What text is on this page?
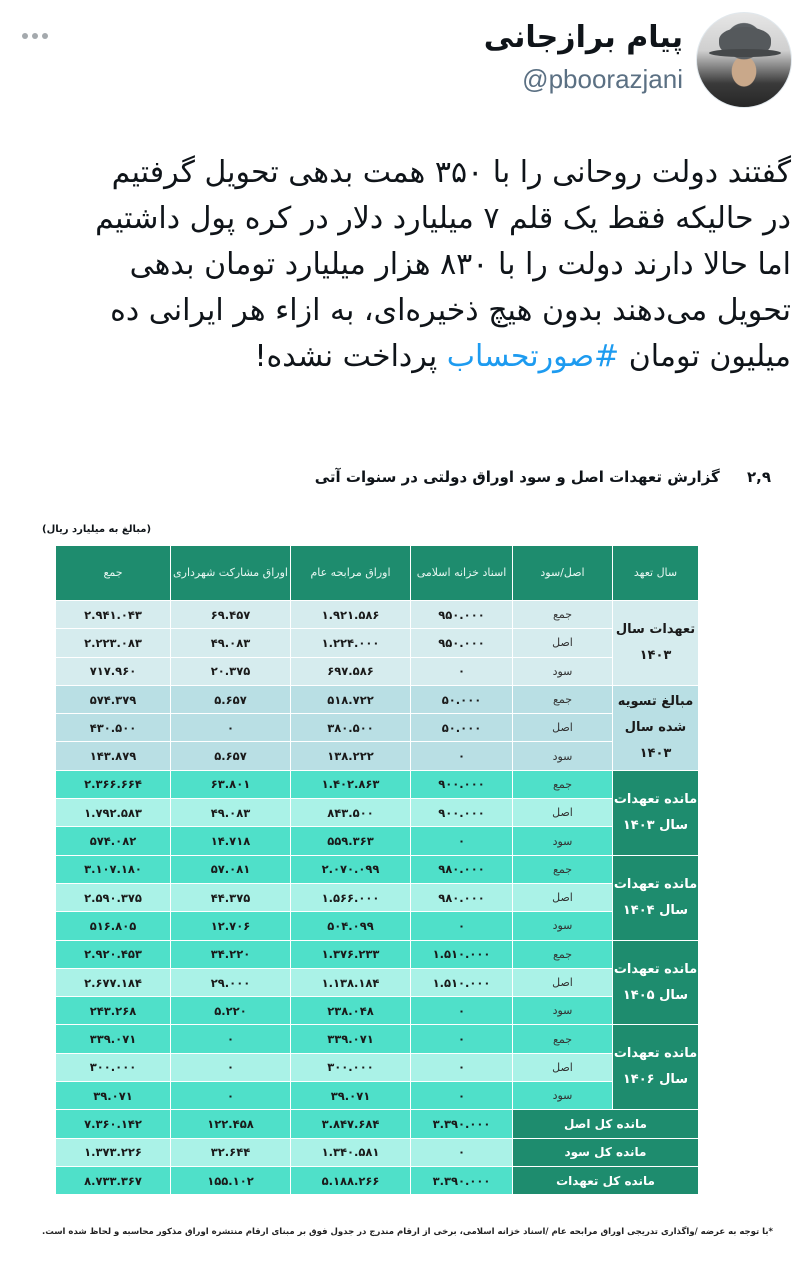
پیام برازجانی
@pboorazjani
گفتند دولت روحانی را با ۳۵۰ همت بدهی تحویل گرفتیم
در حالیکه فقط یک قلم ۷ میلیارد دلار در کره پول داشتیم
اما حالا دارند دولت را با ۸۳۰ هزار میلیارد تومان بدهی
تحویل می‌دهند بدون هیچ ذخیره‌ای، به ازاء هر ایرانی ده
میلیون تومان #صورتحساب پرداخت نشده!
۲,۹ گزارش تعهدات اصل و سود اوراق دولتی در سنوات آتی
(مبالغ به میلیارد ریال)
سال تعهد	اصل/سود	اسناد خزانه اسلامی	اوراق مرابحه عام	اوراق مشارکت شهرداری	جمع

تعهدات سال
۱۴۰۳	جمع	۹۵۰.۰۰۰	۱.۹۲۱.۵۸۶	۶۹.۴۵۷	۲.۹۴۱.۰۴۳
	اصل	۹۵۰.۰۰۰	۱.۲۲۴.۰۰۰	۴۹.۰۸۳	۲.۲۲۳.۰۸۳
	سود	۰	۶۹۷.۵۸۶	۲۰.۳۷۵	۷۱۷.۹۶۰

مبالغ تسویه
شده سال
۱۴۰۳	جمع	۵۰.۰۰۰	۵۱۸.۷۲۲	۵.۶۵۷	۵۷۴.۳۷۹
	اصل	۵۰.۰۰۰	۳۸۰.۵۰۰	۰	۴۳۰.۵۰۰
	سود	۰	۱۳۸.۲۲۲	۵.۶۵۷	۱۴۳.۸۷۹

مانده تعهدات
سال ۱۴۰۳	جمع	۹۰۰.۰۰۰	۱.۴۰۲.۸۶۳	۶۳.۸۰۱	۲.۳۶۶.۶۶۴
	اصل	۹۰۰.۰۰۰	۸۴۳.۵۰۰	۴۹.۰۸۳	۱.۷۹۲.۵۸۳
	سود	۰	۵۵۹.۳۶۳	۱۴.۷۱۸	۵۷۴.۰۸۲

مانده تعهدات
سال ۱۴۰۴	جمع	۹۸۰.۰۰۰	۲.۰۷۰.۰۹۹	۵۷.۰۸۱	۳.۱۰۷.۱۸۰
	اصل	۹۸۰.۰۰۰	۱.۵۶۶.۰۰۰	۴۴.۳۷۵	۲.۵۹۰.۳۷۵
	سود	۰	۵۰۴.۰۹۹	۱۲.۷۰۶	۵۱۶.۸۰۵

مانده تعهدات
سال ۱۴۰۵	جمع	۱.۵۱۰.۰۰۰	۱.۳۷۶.۲۳۳	۳۴.۲۲۰	۲.۹۲۰.۴۵۳
	اصل	۱.۵۱۰.۰۰۰	۱.۱۳۸.۱۸۴	۲۹.۰۰۰	۲.۶۷۷.۱۸۴
	سود	۰	۲۳۸.۰۴۸	۵.۲۲۰	۲۴۳.۲۶۸

مانده تعهدات
سال ۱۴۰۶	جمع	۰	۳۳۹.۰۷۱	۰	۳۳۹.۰۷۱
	اصل	۰	۳۰۰.۰۰۰	۰	۳۰۰.۰۰۰
	سود	۰	۳۹.۰۷۱	۰	۳۹.۰۷۱
مانده کل اصل		۳.۳۹۰.۰۰۰	۳.۸۴۷.۶۸۴	۱۲۲.۴۵۸	۷.۳۶۰.۱۴۲
مانده کل سود		۰	۱.۳۴۰.۵۸۱	۳۲.۶۴۴	۱.۳۷۳.۲۲۶
مانده کل تعهدات		۳.۳۹۰.۰۰۰	۵.۱۸۸.۲۶۶	۱۵۵.۱۰۲	۸.۷۳۳.۳۶۷
*با توجه به عرضه /واگذاری تدریجی اوراق مرابحه عام /اسناد خزانه اسلامی، برخی از ارقام مندرج در جدول فوق بر مبنای ارقام منتشره اوراق مذکور محاسبه و لحاظ شده است.
